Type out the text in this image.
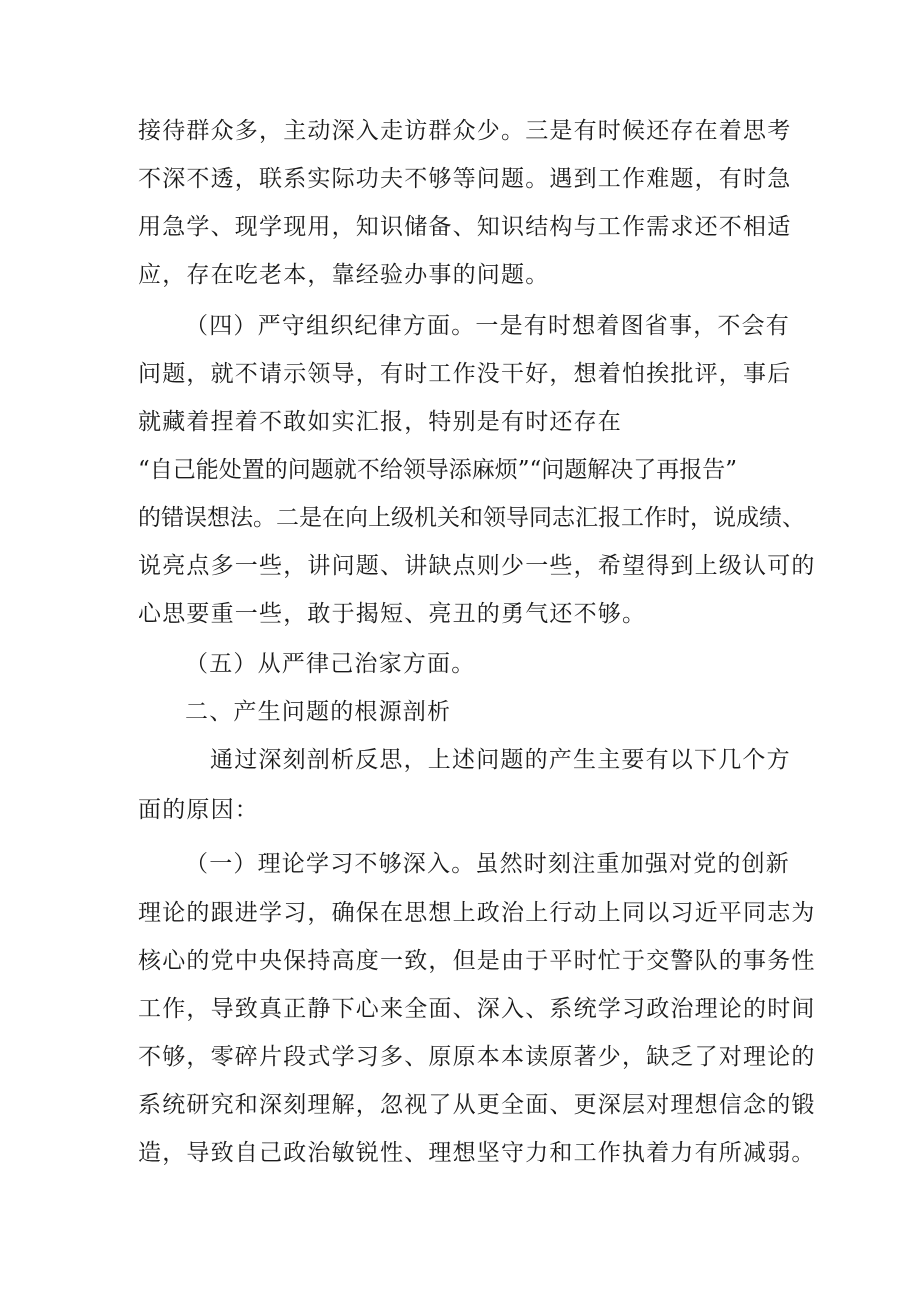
接待群众多，主动深入走访群众少。三是有时候还存在着思考
不深不透，联系实际功夫不够等问题。遇到工作难题，有时急
用急学、现学现用，知识储备、知识结构与工作需求还不相适
应，存在吃老本，靠经验办事的问题。
（四）严守组织纪律方面。一是有时想着图省事，不会有
问题，就不请示领导，有时工作没干好，想着怕挨批评，事后
就藏着捏着不敢如实汇报，特别是有时还存在
“自己能处置的问题就不给领导添麻烦”“问题解决了再报告”
的错误想法。二是在向上级机关和领导同志汇报工作时，说成绩、
说亮点多一些，讲问题、讲缺点则少一些，希望得到上级认可的
心思要重一些，敢于揭短、亮丑的勇气还不够。
（五）从严律己治家方面。
二、产生问题的根源剖析
通过深刻剖析反思，上述问题的产生主要有以下几个方
面的原因：
（一）理论学习不够深入。虽然时刻注重加强对党的创新
理论的跟进学习，确保在思想上政治上行动上同以习近平同志为
核心的党中央保持高度一致，但是由于平时忙于交警队的事务性
工作，导致真正静下心来全面、深入、系统学习政治理论的时间
不够，零碎片段式学习多、原原本本读原著少，缺乏了对理论的
系统研究和深刻理解，忽视了从更全面、更深层对理想信念的锻
造，导致自己政治敏锐性、理想坚守力和工作执着力有所减弱。
